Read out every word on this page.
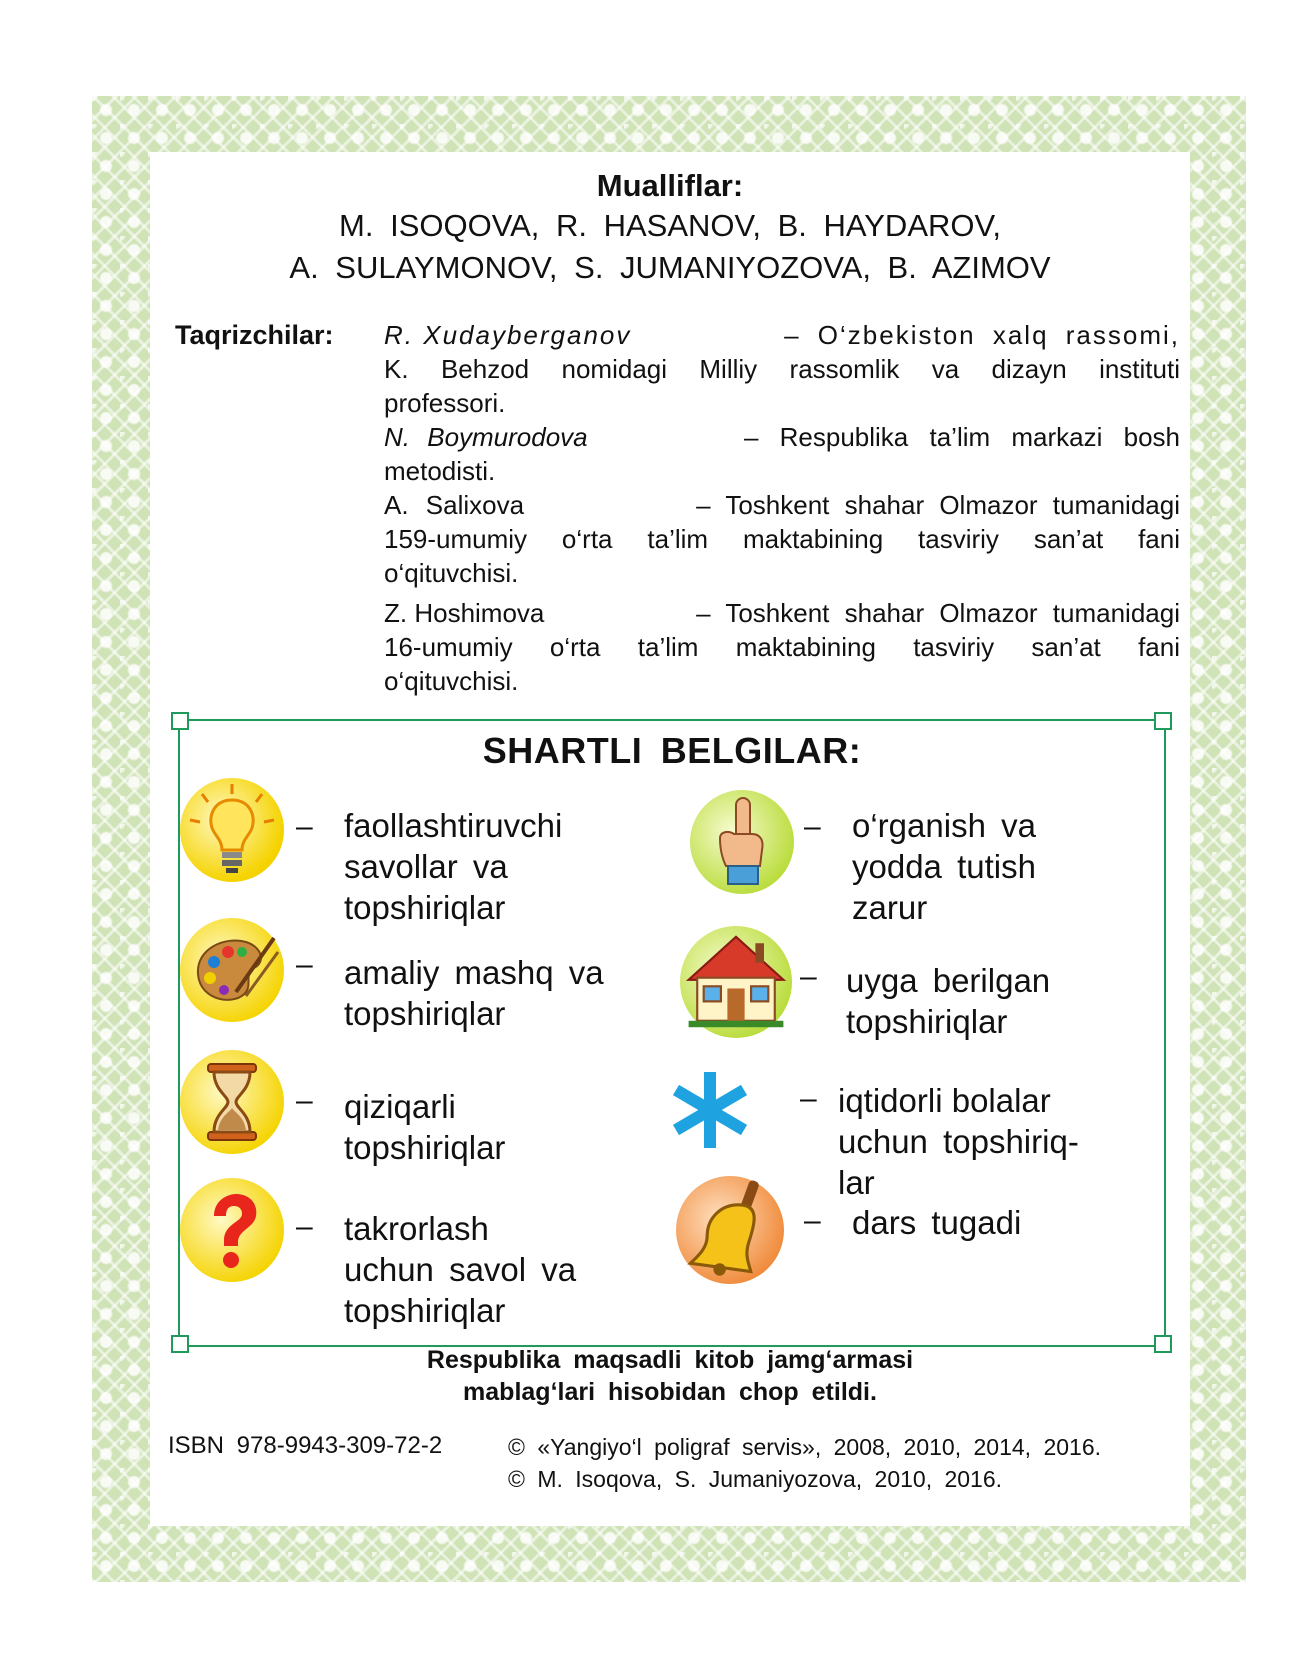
Mualliflar:
M. ISOQOVA, R. HASANOV, B. HAYDAROV,
A. SULAYMONOV, S. JUMANIYOZOVA, B. AZIMOV
Taqrizchilar: R. Xudayberganov	– O‘zbekiston xalq rassomi,
K. Behzod nomidagi Milliy rassomlik va dizayn instituti
professori.
N. Boymurodova	– Respublika ta’lim markazi bosh
metodisti.
A. Salixova	– Toshkent shahar Olmazor tumanidagi
159-umumiy o‘rta ta’lim maktabining tasviriy san’at fani
o‘qituvchisi.
Z. Hoshimova	– Toshkent shahar Olmazor tumanidagi
16-umumiy o‘rta ta’lim maktabining tasviriy san’at fani
o‘qituvchisi.
SHARTLI BELGILAR:
– faollashtiruvchi
savollar va
topshiriqlar
– amaliy mashq va
topshiriqlar
– qiziqarli
topshiriqlar
– takrorlash
uchun savol va
topshiriqlar
– o‘rganish va
yodda tutish
zarur
– uyga berilgan
topshiriqlar
– iqtidorli bolalar
uchun topshiriq-
lar
– dars tugadi
Respublika maqsadli kitob jamg‘armasi
mablag‘lari hisobidan chop etildi.
ISBN 978-9943-309-72-2	© «Yangiyo‘l poligraf servis», 2008, 2010, 2014, 2016.
© M. Isoqova, S. Jumaniyozova, 2010, 2016.
